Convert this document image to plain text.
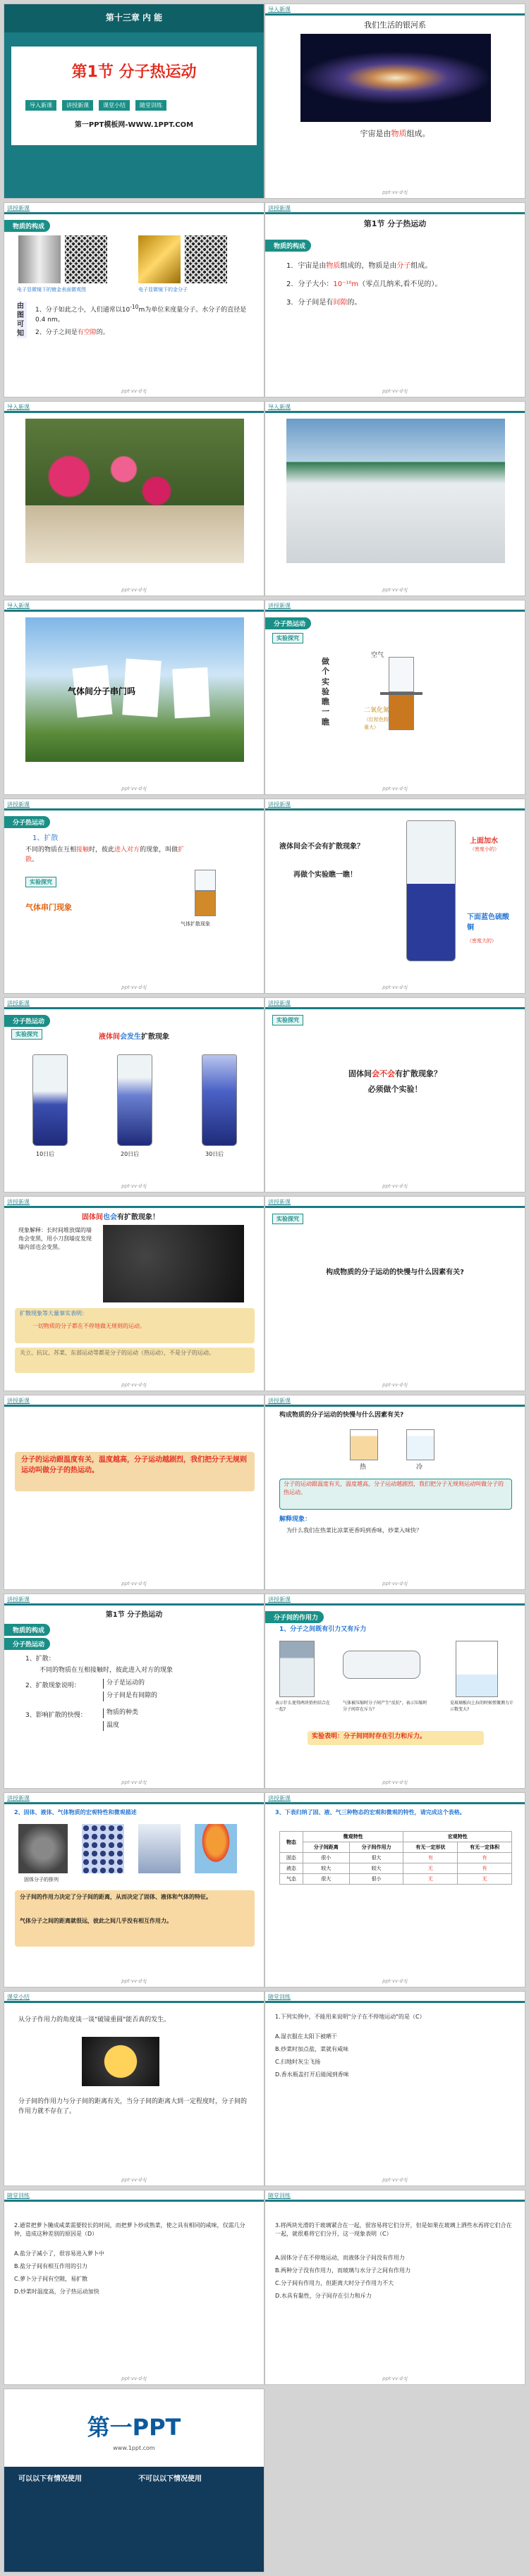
第十三章 内 能
第1节 分子热运动
导入新课	讲授新课	课堂小结	随堂训练
第一PPT模板网-WWW.1PPT.COM
导入新课
我们生活的银河系
宇宙是由物质组成。
ppt·vv·d·tj
讲授新课
物质的构成
电子显微镜下的镀金表面微观图	电子显微镜下的金分子
由图可知
1、分子如此之小，人们通常以$10^{-10}m$为单位来度量分子。水分子的直径是0.4 nm。
2、分子之间是有空隙的。
ppt·vv·d·tj
讲授新课
第1节 分子热运动
物质的构成
1．宇宙是由物质组成的，物质是由分子组成。
2．分子大小：10⁻¹⁰m（零点几纳米,看不见的）。
3．分子间是有间隙的。
ppt·vv·d·tj
导入新课
ppt·vv·d·tj
导入新课
ppt·vv·d·tj
导入新课
气体间分子串门吗
ppt·vv·d·tj
讲授新课
分子热运动
实验探究
做个实验瞧一瞧
空气
二氧化氮
（红棕色较重大）
ppt·vv·d·tj
讲授新课
分子热运动
1、扩散
不同的物质在互相接触时，彼此进入对方的现象，叫做扩散。
实验探究
气体串门现象
气体扩散现象
ppt·vv·d·tj
讲授新课
液体间会不会有扩散现象？
再做个实验瞧一瞧！
上面加水
（密度小的）
下面蓝色硫酸铜
（密度大的）
ppt·vv·d·tj
讲授新课
分子热运动
实验探究	液体间会发生扩散现象
10日后	20日后	30日后
ppt·vv·d·tj
讲授新课
实验探究
固体间会不会有扩散现象？
必须做个实验！
ppt·vv·d·tj
讲授新课
固体间也会有扩散现象！
现象解释：长时间堆放煤的墙角会变黑，用小刀刮墙皮发现墙内部也会变黑。
扩散现象等大量事实表明：
一切物质的分子都在不停地做无规则的运动。
关立、抗议、苏菜、东部运动等都是分子的运动（热运动），不是分子的运动。
ppt·vv·d·tj
讲授新课
实验探究
构成物质的分子运动的快慢与什么因素有关?
ppt·vv·d·tj
讲授新课
分子的运动跟温度有关，温度越高，分子运动越剧烈，我们把分子无规则运动叫做分子的热运动。
ppt·vv·d·tj
讲授新课
构成物质的分子运动的快慢与什么因素有关?
热	冷
分子的运动跟温度有关，温度越高，分子运动越剧烈，我们把分子无规则运动叫做分子的热运动。
解释现象：
为什么我们在热菜比凉菜更香吗到香味，炒菜入味快？
ppt·vv·d·tj
讲授新课
第1节 分子热运动
物质的构成
分子热运动
1、扩散：
不同的物质在互相接触时，彼此进入对方的现象
2、扩散现象说明：	分子是运动的
分子间是有间隙的
3、影响扩散的快慢：	物质的种类
温度
ppt·vv·d·tj
讲授新课
分子间的作用力
1、分子之间既有引力又有斥力
表示什么使得两块铅柱结合在一起?
气体被压缩时分子间产生"反抗"，表示压缩时分子间存在斥力？
晃玻璃板向上拉的时候弹簧测力计示数变大?
实验表明：分子间同时存在引力和斥力。
ppt·vv·d·tj
讲授新课
2、固体、液体、气体物质的宏观特性和微观描述
固体分子的排列
分子间的作用力决定了分子间的距离，从而决定了固体、液体和气体的特征。
气体分子之间的距离就很远，彼此之间几乎没有相互作用力。
ppt·vv·d·tj
讲授新课
3、下表归纳了固、液、气三种物态的宏观和微观的特性，请完成这个表格。
物态	微观特性		宏观特性	
	分子间距离	分子间作用力	有无一定形状	有无一定体积
固态	很小	很大	有	有
液态	较大	较大	无	有
气态	很大	很小	无	无
ppt·vv·d·tj
课堂小结
从分子作用力的角度谈一谈"破镜重圆"能否真的发生。
分子间的作用力与分子间的距离有关，当分子间的距离大到一定程度时，分子间的作用力就不存在了。
ppt·vv·d·tj
随堂训练
1.下列实例中，不能用来说明"分子在不停地运动"的是（C）
A.湿衣服在太阳下被晒干
B.炒菜时加点盐，菜就有咸味
C.扫地时灰尘飞扬
D.香水瓶盖打开后能闻到香味
ppt·vv·d·tj
随堂训练
2.通常把萝卜腌成咸菜需要较长的时间，而把萝卜炒成熟菜，使之具有相同的咸味，仅需几分钟，造成这种差别的原因是（D）
A.盐分子减小了，很容易进入萝卜中
B.盐分子间有相互作用的引力
C.萝卜分子间有空隙，易扩散
D.炒菜时温度高，分子热运动加快
ppt·vv·d·tj
随堂训练
3.将两块光滑的干玻璃紧合在一起，很容易将它们分开，但是如果在玻璃上洒些水再将它们合在一起，就很难将它们分开，这一现象表明（C）
A.固体分子在不停地运动，而液体分子间没有作用力
B.两种分子没有作用力，而玻璃与水分子之间有作用力
C.分子间有作用力，但距离大时分子作用力不大
D.水具有黏性，分子间存在引力和斥力
ppt·vv·d·tj
第一PPT
www.1ppt.com
可以以下有情况使用	不可以以下情况使用
